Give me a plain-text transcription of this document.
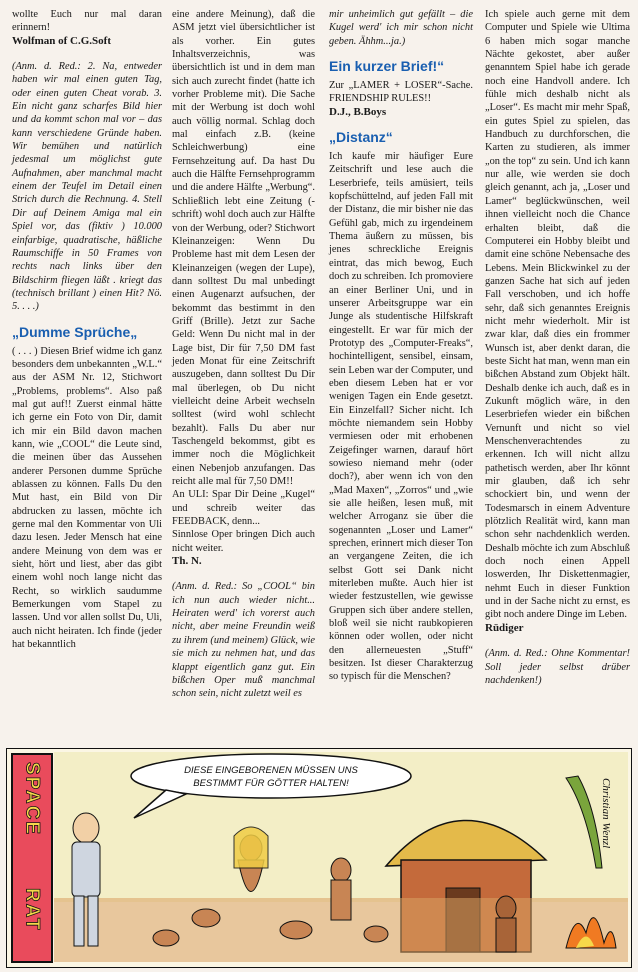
wollte Euch nur mal daran erinnern!

Wolfman of C.G.Soft

(Anm. d. Red.: 2. Na, entweder haben wir mal einen guten Tag, oder einen guten Cheat vorab. 3. Ein nicht ganz scharfes Bild hier und da kommt schon mal vor – das kann verschiedene Gründe haben. Wir bemühen und natürlich jedesmal um möglichst gute Aufnahmen, aber manchmal macht einem der Teufel im Detail einen Strich durch die Rechnung. 4. Stell Dir auf Deinem Amiga mal ein Spiel vor, das (fiktiv ) 10.000 einfarbige, quadratische, häßliche Raumschiffe in 50 Frames von rechts nach links über den Bildschirm fliegen läßt . kriegt das (technisch brillant ) einen Hit? Nö. 5. . . .)

„Dumme Sprüche„

( . . . ) Diesen Brief widme ich ganz besonders dem unbekannten „W.L.“ aus der ASM Nr. 12, Stichwort „Problems, problems“. Also paß mal gut auf!! Zuerst einmal hätte ich gerne ein Foto von Dir, damit ich mir ein Bild davon machen kann, wie „COOL“ die Leute sind, die meinen über das Aussehen anderer Personen dumme Sprüche ablassen zu können. Falls Du den Mut hast, ein Bild von Dir abdrucken zu lassen, möchte ich gerne mal den Kommentar von Uli dazu lesen. Jeder Mensch hat eine andere Meinung von dem was er sieht, hört und liest, aber das gibt einem wohl noch lange nicht das Recht, so wirklich saudumme Bemerkungen vom Stapel zu lassen. Und vor allen sollst Du, Uli, auch nicht heiraten. Ich finde (jeder hat bekanntlich

eine andere Meinung), daß die ASM jetzt viel übersichtlicher ist als vorher. Ein gutes Inhaltsverzeichnis, was übersichtlich ist und in dem man sich auch zurecht findet (hatte ich vorher Probleme mit). Die Sache mit der Werbung ist doch wohl auch völlig normal. Schlag doch mal einfach z.B. (keine Schleichwerbung) eine Fernsehzeitung auf. Da hast Du auch die Hälfte Fernsehprogramm und die andere Hälfte „Werbung“. Schließlich lebt eine Zeitung (-schrift) wohl doch auch zur Hälfte von der Werbung, oder? Stichwort Kleinanzeigen: Wenn Du Probleme hast mit dem Lesen der Kleinanzeigen (wegen der Lupe), dann solltest Du mal unbedingt einen Augenarzt aufsuchen, der bekommt das bestimmt in den Griff (Brille). Jetzt zur Sache Geld: Wenn Du nicht mal in der Lage bist, Dir für 7,50 DM fast jeden Monat für eine Zeitschrift auszugeben, dann solltest Du Dir mal überlegen, ob Du nicht vielleicht deine Arbeit wechseln solltest (wird wohl schlecht bezahlt). Falls Du aber nur Taschengeld bekommst, gibt es immer noch die Möglichkeit einen Nebenjob anzufangen. Das reicht alle mal für 7,50 DM!!

An ULI: Spar Dir Deine „Kugel“ und schreib weiter das FEEDBACK, denn...

Sinnlose Oper bringen Dich auch nicht weiter.

Th. N.

(Anm. d. Red.: So „COOL“ bin ich nun auch wieder nicht... Heiraten werd' ich vorerst auch nicht, aber meine Freundin weiß zu ihrem (und meinem) Glück, wie sie mich zu nehmen hat, und das klappt eigentlich ganz gut. Ein bißchen Oper muß manchmal schon sein, nicht zuletzt weil es

mir unheimlich gut gefällt – die Kugel werd' ich mir schon nicht geben. Ähhm...ja.)

Ein kurzer Brief!“

Zur „LAMER + LOSER“-Sache. FRIENDSHIP RULES!!

D.J., B.Boys

„Distanz“

Ich kaufe mir häufiger Eure Zeitschrift und lese auch die Leserbriefe, teils amüsiert, teils kopfschüttelnd, auf jeden Fall mit der Distanz, die mir bisher nie das Gefühl gab, mich zu irgendeinem Thema äußern zu müssen, bis jenes schreckliche Ereignis eintrat, das mich bewog, Euch doch zu schreiben. Ich promoviere an einer Berliner Uni, und in unserer Arbeitsgruppe war ein Junge als studentische Hilfskraft eingestellt. Er war für mich der Prototyp des „Computer-Freaks“, hochintelligent, sensibel, einsam, sein Leben war der Computer, und eben diesem Leben hat er vor wenigen Tagen ein Ende gesetzt. Ein Einzelfall? Sicher nicht. Ich möchte niemandem sein Hobby vermiesen oder mit erhobenen Zeigefinger warnen, darauf hört sowieso niemand mehr (oder doch?), aber wenn ich von den „Mad Maxen“, „Zorros“ und „wie sie alle heißen, lesen muß, mit welcher Arroganz sie über die sogenannten „Loser und Lamer“ sprechen, erinnert mich dieser Ton an vergangene Zeiten, die ich selbst Gott sei Dank nicht miterleben mußte. Auch hier ist wieder festzustellen, wie gewisse Gruppen sich über andere stellen, bloß weil sie nicht raubkopieren können oder wollen, oder nicht den allerneuesten „Stuff“ besitzen. Ist dieser Charakterzug so typisch für die Menschen?

Ich spiele auch gerne mit dem Computer und Spiele wie Ultima 6 haben mich sogar manche Nächte gekostet, aber außer genanntem Spiel habe ich gerade noch eine Handvoll andere. Ich fühle mich deshalb nicht als „Loser“. Es macht mir mehr Spaß, ein gutes Spiel zu spielen, das Handbuch zu durchforschen, die Karten zu studieren, als immer „on the top“ zu sein. Und ich kann nur alle, wie werden sie doch gleich genannt, ach ja, „Loser und Lamer“ beglückwünschen, weil ihnen vielleicht noch die Chance erhalten bleibt, daß die Computerei ein Hobby bleibt und damit eine schöne Nebensache des Lebens. Mein Blickwinkel zu der ganzen Sache hat sich auf jeden Fall verschoben, und ich hoffe sehr, daß sich genanntes Ereignis nicht mehr wiederholt. Mir ist zwar klar, daß dies ein frommer Wunsch ist, aber denkt daran, die beste Sicht hat man, wenn man ein bißchen Abstand zum Objekt hält. Deshalb denke ich auch, daß es in Zukunft möglich wäre, in den Leserbriefen wieder ein bißchen Vernunft und nicht so viel Menschenverachtendes zu erkennen. Ich will nicht allzu pathetisch werden, aber Ihr könnt mir glauben, daß ich sehr schockiert bin, und wenn der Todesmarsch in einem Adventure plötzlich Realität wird, kann man schon sehr nachdenklich werden. Deshalb möchte ich zum Abschluß doch noch einen Appell loswerden, Ihr Diskettenmagier, nehmt Euch in dieser Funktion und in der Sache nicht zu ernst, es gibt noch andere Dinge im Leben.

Rüdiger

(Anm. d. Red.: Ohne Kommentar! Soll jeder selbst drüber nachdenken!)

SPACE
RAT
DIESE EINGEBORENEN MÜSSEN UNS
BESTIMMT FÜR GÖTTER HALTEN!	Christian Wenzl
